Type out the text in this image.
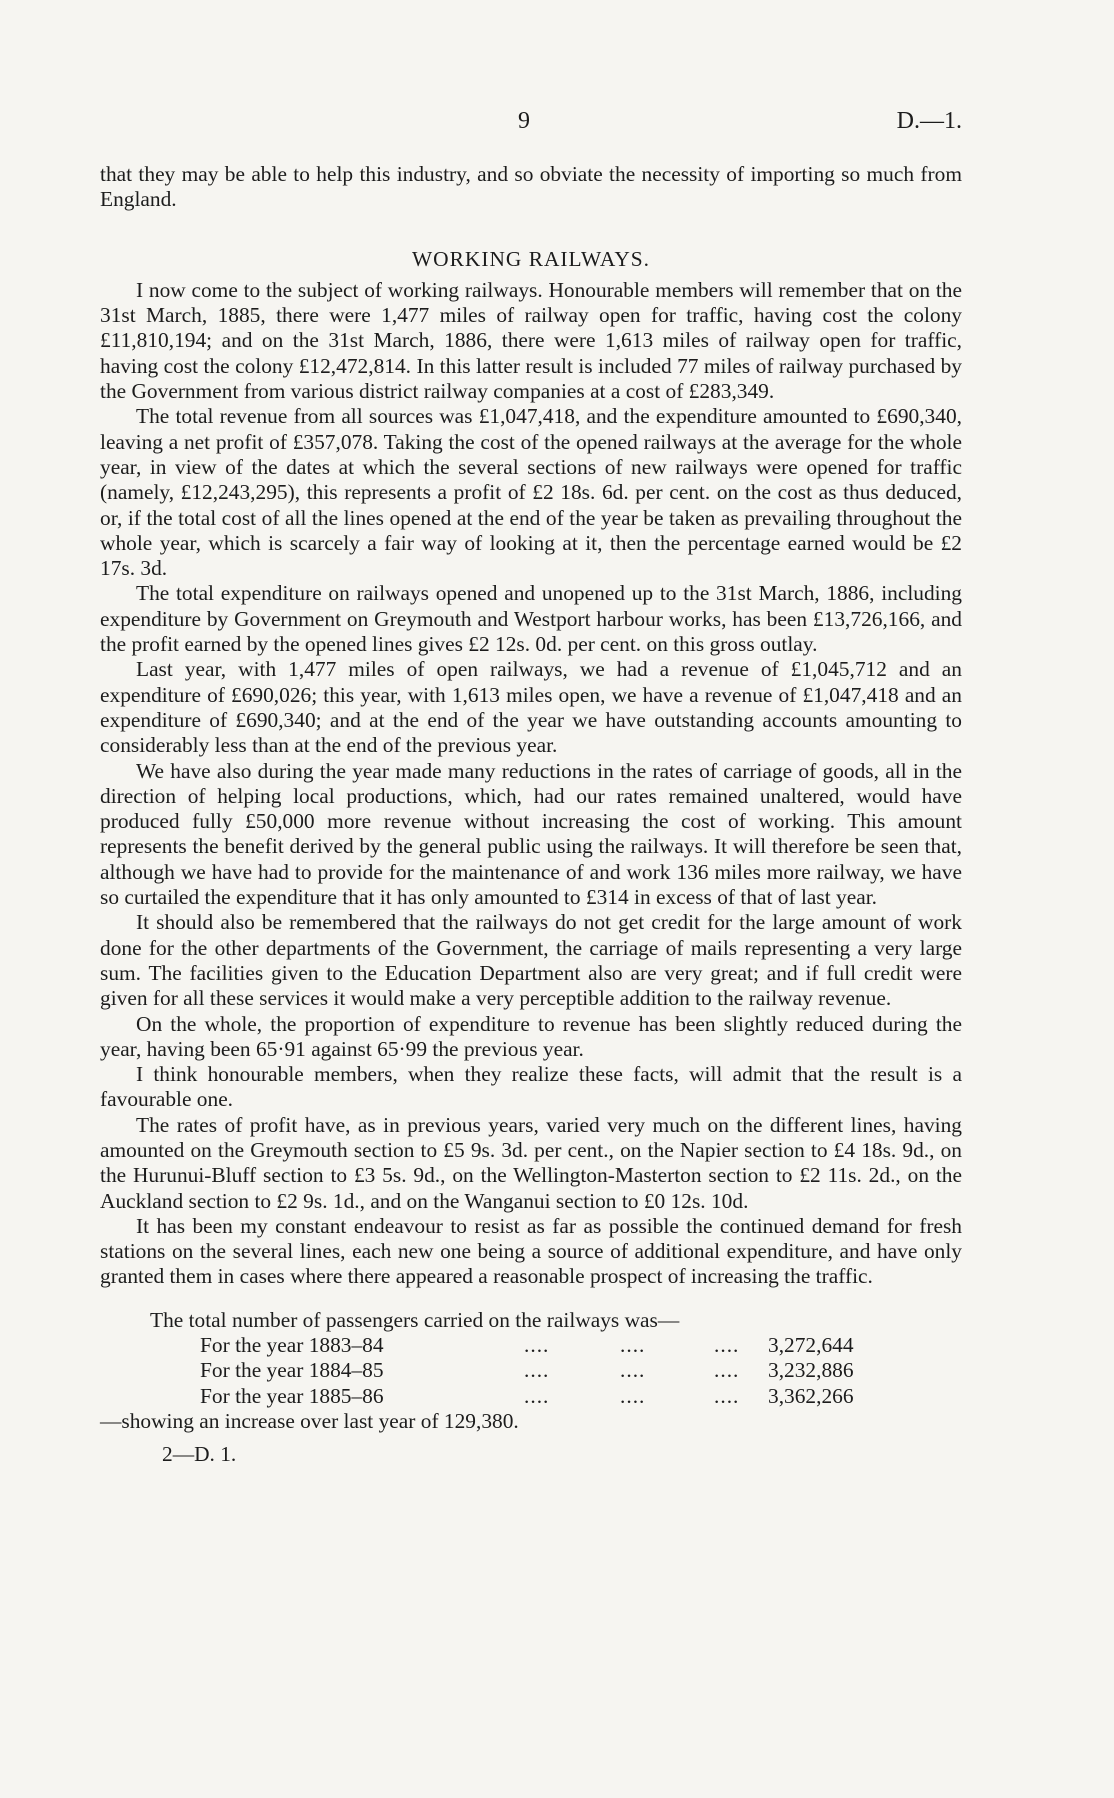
9	D.—1.

that they may be able to help this industry, and so obviate the necessity of importing so much from England.

WORKING RAILWAYS.

I now come to the subject of working railways. Honourable members will remember that on the 31st March, 1885, there were 1,477 miles of railway open for traffic, having cost the colony £11,810,194; and on the 31st March, 1886, there were 1,613 miles of railway open for traffic, having cost the colony £12,472,814. In this latter result is included 77 miles of railway purchased by the Government from various district railway companies at a cost of £283,349.

The total revenue from all sources was £1,047,418, and the expenditure amounted to £690,340, leaving a net profit of £357,078. Taking the cost of the opened railways at the average for the whole year, in view of the dates at which the several sections of new railways were opened for traffic (namely, £12,243,295), this represents a profit of £2 18s. 6d. per cent. on the cost as thus deduced, or, if the total cost of all the lines opened at the end of the year be taken as prevailing throughout the whole year, which is scarcely a fair way of looking at it, then the percentage earned would be £2 17s. 3d.

The total expenditure on railways opened and unopened up to the 31st March, 1886, including expenditure by Government on Greymouth and Westport harbour works, has been £13,726,166, and the profit earned by the opened lines gives £2 12s. 0d. per cent. on this gross outlay.

Last year, with 1,477 miles of open railways, we had a revenue of £1,045,712 and an expenditure of £690,026; this year, with 1,613 miles open, we have a revenue of £1,047,418 and an expenditure of £690,340; and at the end of the year we have outstanding accounts amounting to considerably less than at the end of the previous year.

We have also during the year made many reductions in the rates of carriage of goods, all in the direction of helping local productions, which, had our rates remained unaltered, would have produced fully £50,000 more revenue without increasing the cost of working. This amount represents the benefit derived by the general public using the railways. It will therefore be seen that, although we have had to provide for the maintenance of and work 136 miles more railway, we have so curtailed the expenditure that it has only amounted to £314 in excess of that of last year.

It should also be remembered that the railways do not get credit for the large amount of work done for the other departments of the Government, the carriage of mails representing a very large sum. The facilities given to the Education Department also are very great; and if full credit were given for all these services it would make a very perceptible addition to the railway revenue.

On the whole, the proportion of expenditure to revenue has been slightly reduced during the year, having been 65·91 against 65·99 the previous year.

I think honourable members, when they realize these facts, will admit that the result is a favourable one.

The rates of profit have, as in previous years, varied very much on the different lines, having amounted on the Greymouth section to £5 9s. 3d. per cent., on the Napier section to £4 18s. 9d., on the Hurunui-Bluff section to £3 5s. 9d., on the Wellington-Masterton section to £2 11s. 2d., on the Auckland section to £2 9s. 1d., and on the Wanganui section to £0 12s. 10d.

It has been my constant endeavour to resist as far as possible the continued demand for fresh stations on the several lines, each new one being a source of additional expenditure, and have only granted them in cases where there appeared a reasonable prospect of increasing the traffic.

The total number of passengers carried on the railways was—
For the year 1883–84	....	....	.... 3,272,644
For the year 1884–85	....	....	.... 3,232,886
For the year 1885–86	....	....	.... 3,362,266
—showing an increase over last year of 129,380.
2—D. 1.
